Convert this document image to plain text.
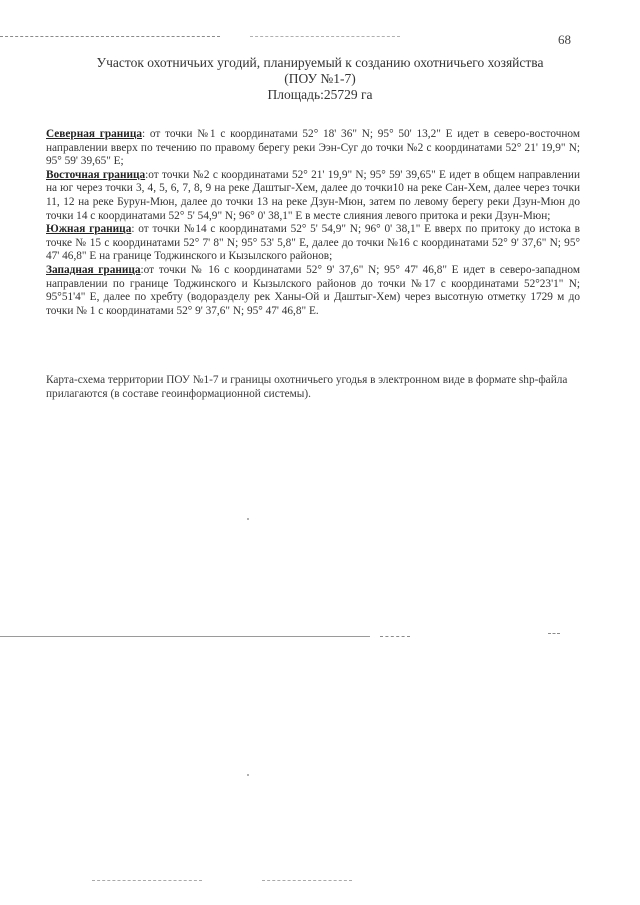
68
Участок охотничьих угодий, планируемый к созданию охотничьего хозяйства
(ПОУ №1-7)
Площадь:25729 га

Северная граница: от точки №1 с координатами 52° 18' 36" N; 95° 50' 13,2" E идет в северо-восточном направлении вверх по течению по правому берегу реки Ээн-Суг до точки №2 с координатами 52° 21' 19,9" N; 95° 59' 39,65" E;

Восточная граница:от точки №2 с координатами 52° 21' 19,9" N; 95° 59' 39,65" E идет в общем направлении на юг через точки 3, 4, 5, 6, 7, 8, 9 на реке Даштыг-Хем, далее до точки10 на реке Сан-Хем, далее через точки 11, 12 на реке Бурун-Мюн, далее до точки 13 на реке Дзун-Мюн, затем по левому берегу реки Дзун-Мюн до точки 14 с координатами 52° 5' 54,9" N; 96° 0' 38,1" E в месте слияния левого притока и реки Дзун-Мюн;

Южная граница: от точки №14 с координатами 52° 5' 54,9" N; 96° 0' 38,1" E вверх по притоку до истока в точке № 15 с координатами 52° 7' 8" N; 95° 53' 5,8" E, далее до точки №16 с координатами 52° 9' 37,6" N; 95° 47' 46,8" E на границе Тоджинского и Кызылского районов;

Западная граница:от точки № 16 с координатами 52° 9' 37,6" N; 95° 47' 46,8" E идет в северо-западном направлении по границе Тоджинского и Кызылского районов до точки №17 с координатами 52°23'1" N; 95°51'4" E, далее по хребту (водоразделу рек Ханы-Ой и Даштыг-Хем) через высотную отметку 1729 м до точки № 1 с координатами 52° 9' 37,6" N; 95° 47' 46,8" E.

Карта-схема территории ПОУ №1-7 и границы охотничьего угодья в электронном виде в формате shp-файла прилагаются (в составе геоинформационной системы).
